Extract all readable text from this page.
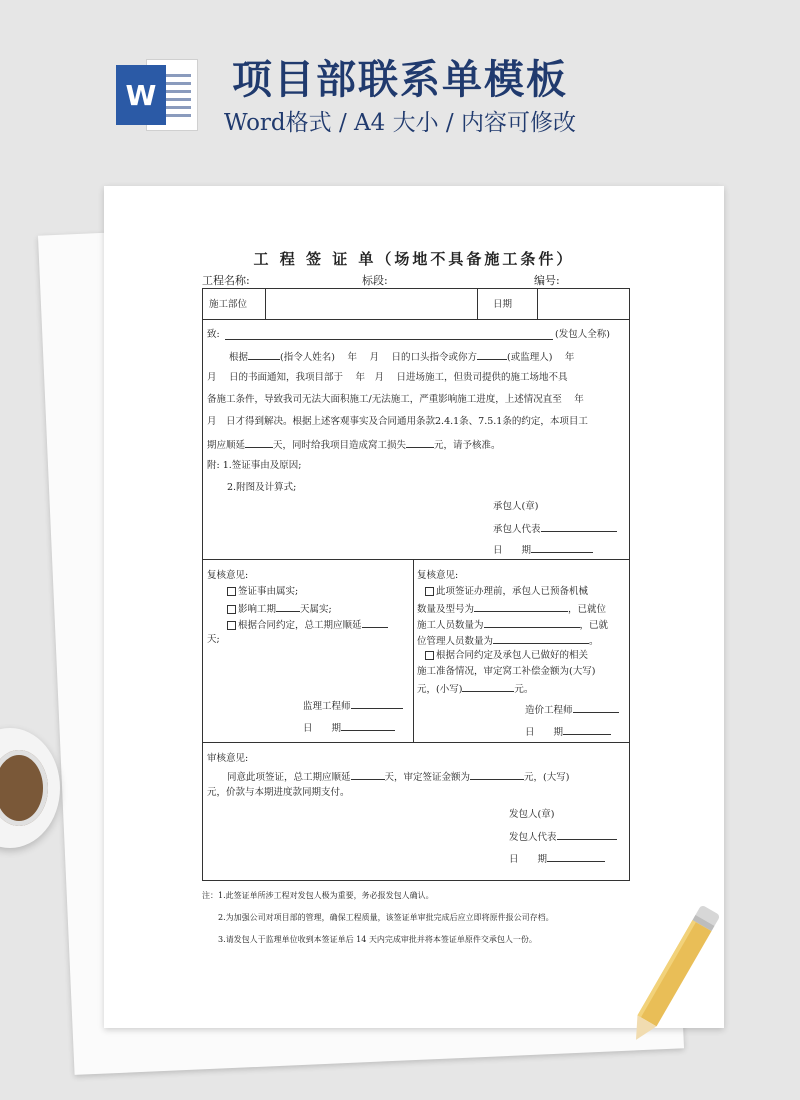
W 项目部联系单模板
Word格式 / A4 大小 / 内容可修改
工 程 签 证 单（场地不具备施工条件）
工程名称:	标段:	编号:
施工部位	日期
致:	(发包人全称)
根据	(指令人姓名)　 年　 月　 日的口头指令或你方	(或监理人)　 年
月　 日的书面通知，我项目部于　 年　月　 日进场施工，但贵司提供的施工场地不具
备施工条件，导致我司无法大面积施工/无法施工，严重影响施工进度，上述情况直至　 年
月　日才得到解决。根据上述客观事实及合同通用条款2.4.1条、7.5.1条的约定，本项目工
期应顺延	天，同时给我项目造成窝工损失	元，请予核准。
附: 1.签证事由及原因;
2.附图及计算式;
承包人(章)
承包人代表
日　　期
复核意见:
签证事由属实;
影响工期	天属实;
根据合同约定，总工期应顺延
天;
监理工程师
日　　期
复核意见:
此项签证办理前，承包人已预备机械
数量及型号为	，已就位
施工人员数量为	，已就
位管理人员数量为	。
根据合同约定及承包人已做好的相关
施工准备情况，审定窝工补偿金额为(大写)
元，(小写)	元。
造价工程师
日　　期
审核意见:
同意此项签证，总工期应顺延	天，审定签证金额为	元，(大写)
元，价款与本期进度款同期支付。
发包人(章)
发包人代表
日　　期
注：1.此签证单所涉工程对发包人极为重要，务必报发包人确认。
2.为加强公司对项目部的管理，确保工程质量，该签证单审批完成后应立即将原件报公司存档。
3.请发包人于监理单位收到本签证单后 14 天内完成审批并将本签证单原件交承包人一份。
